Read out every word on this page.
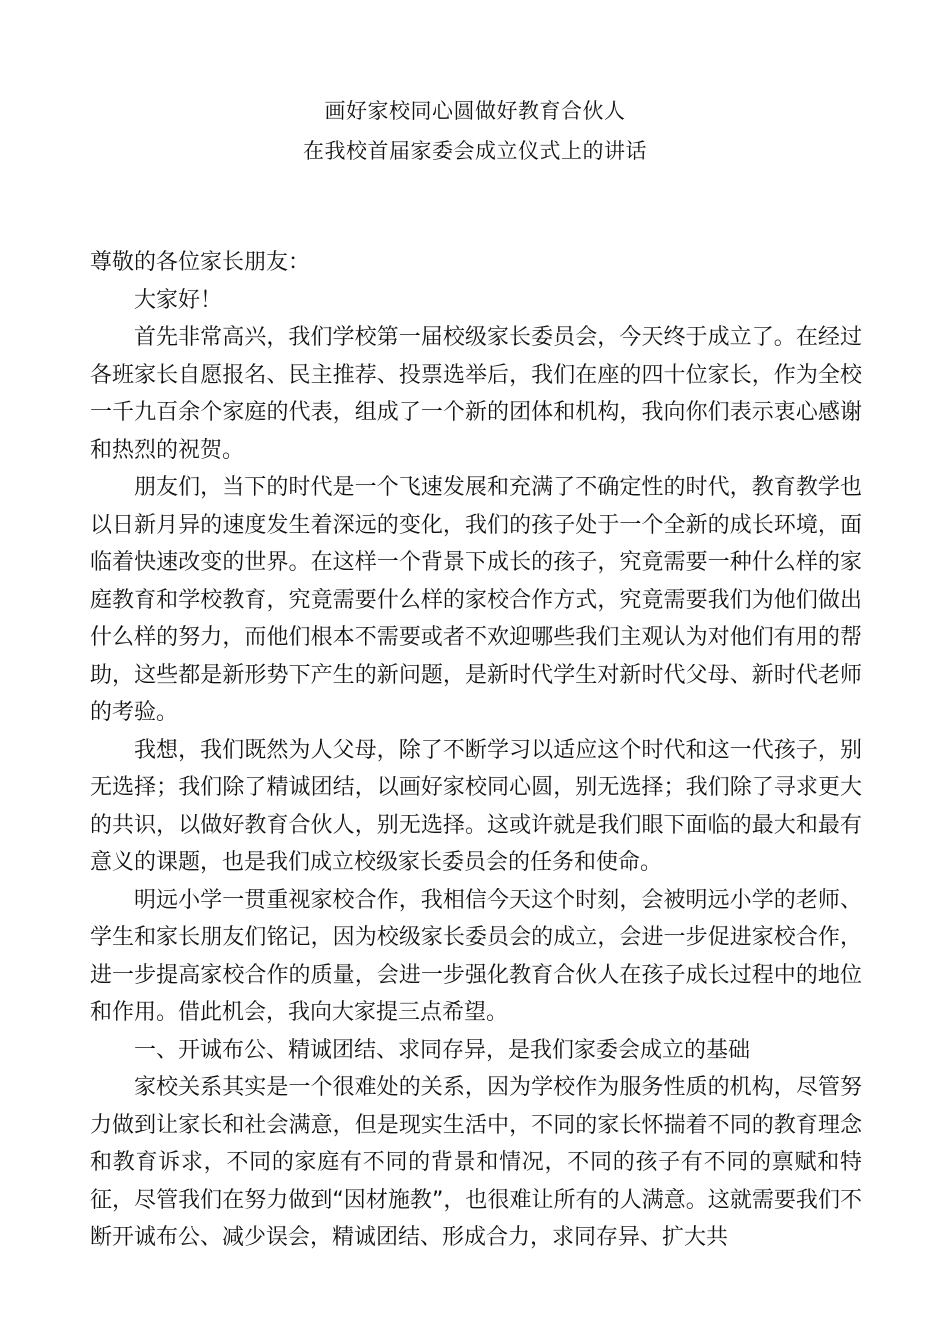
画好家校同心圆做好教育合伙人
在我校首届家委会成立仪式上的讲话

尊敬的各位家长朋友：

大家好！

首先非常高兴，我们学校第一届校级家长委员会，今天终于成立了。在经过各班家长自愿报名、民主推荐、投票选举后，我们在座的四十位家长，作为全校一千九百余个家庭的代表，组成了一个新的团体和机构，我向你们表示衷心感谢和热烈的祝贺。

朋友们，当下的时代是一个飞速发展和充满了不确定性的时代，教育教学也以日新月异的速度发生着深远的变化，我们的孩子处于一个全新的成长环境，面临着快速改变的世界。在这样一个背景下成长的孩子，究竟需要一种什么样的家庭教育和学校教育，究竟需要什么样的家校合作方式，究竟需要我们为他们做出什么样的努力，而他们根本不需要或者不欢迎哪些我们主观认为对他们有用的帮助，这些都是新形势下产生的新问题，是新时代学生对新时代父母、新时代老师的考验。

我想，我们既然为人父母，除了不断学习以适应这个时代和这一代孩子，别无选择；我们除了精诚团结，以画好家校同心圆，别无选择；我们除了寻求更大的共识，以做好教育合伙人，别无选择。这或许就是我们眼下面临的最大和最有意义的课题，也是我们成立校级家长委员会的任务和使命。

明远小学一贯重视家校合作，我相信今天这个时刻，会被明远小学的老师、学生和家长朋友们铭记，因为校级家长委员会的成立，会进一步促进家校合作，进一步提高家校合作的质量，会进一步强化教育合伙人在孩子成长过程中的地位和作用。借此机会，我向大家提三点希望。

一、开诚布公、精诚团结、求同存异，是我们家委会成立的基础

家校关系其实是一个很难处的关系，因为学校作为服务性质的机构，尽管努力做到让家长和社会满意，但是现实生活中，不同的家长怀揣着不同的教育理念和教育诉求，不同的家庭有不同的背景和情况，不同的孩子有不同的禀赋和特征，尽管我们在努力做到“因材施教”，也很难让所有的人满意。这就需要我们不断开诚布公、减少误会，精诚团结、形成合力，求同存异、扩大共
